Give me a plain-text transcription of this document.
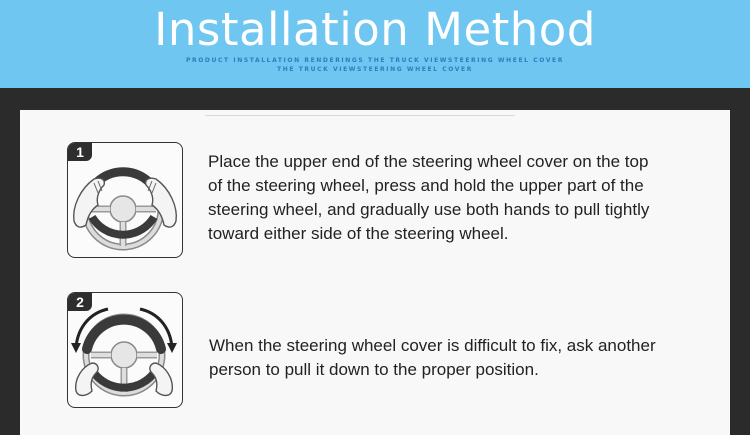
Installation Method
PRODUCT INSTALLATION RENDERINGS THE TRUCK VIEWSTEERING WHEEL COVER
THE TRUCK VIEWSTEERING WHEEL COVER
1	Place the upper end of the steering wheel cover on the top
of the steering wheel, press and hold the upper part of the
steering wheel, and gradually use both hands to pull tightly
toward either side of the steering wheel.
2
When the steering wheel cover is difficult to fix, ask another
person to pull it down to the proper position.
